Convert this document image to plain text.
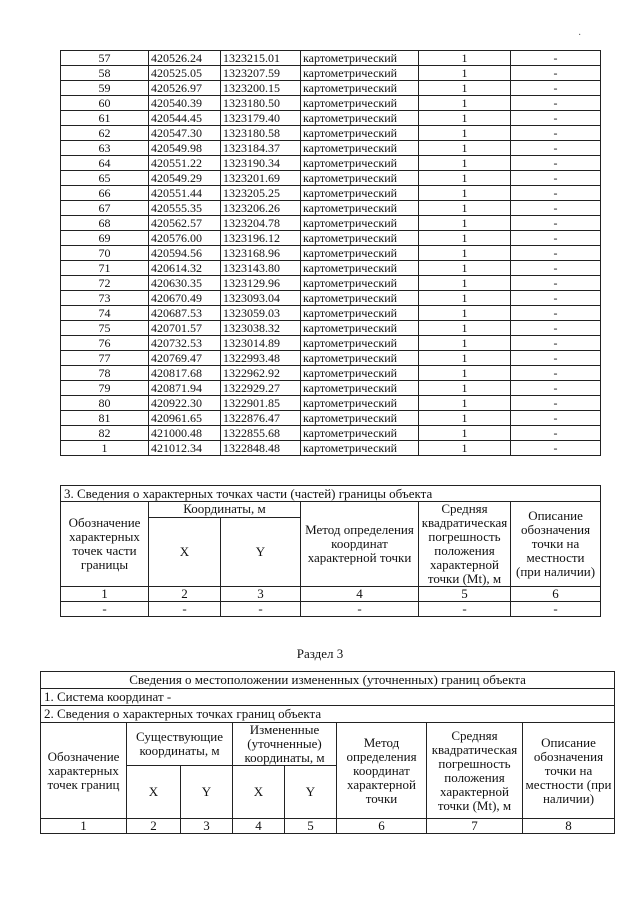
·
57	420526.24	1323215.01	картометрический	1	-
58	420525.05	1323207.59	картометрический	1	-
59	420526.97	1323200.15	картометрический	1	-
60	420540.39	1323180.50	картометрический	1	-
61	420544.45	1323179.40	картометрический	1	-
62	420547.30	1323180.58	картометрический	1	-
63	420549.98	1323184.37	картометрический	1	-
64	420551.22	1323190.34	картометрический	1	-
65	420549.29	1323201.69	картометрический	1	-
66	420551.44	1323205.25	картометрический	1	-
67	420555.35	1323206.26	картометрический	1	-
68	420562.57	1323204.78	картометрический	1	-
69	420576.00	1323196.12	картометрический	1	-
70	420594.56	1323168.96	картометрический	1	-
71	420614.32	1323143.80	картометрический	1	-
72	420630.35	1323129.96	картометрический	1	-
73	420670.49	1323093.04	картометрический	1	-
74	420687.53	1323059.03	картометрический	1	-
75	420701.57	1323038.32	картометрический	1	-
76	420732.53	1323014.89	картометрический	1	-
77	420769.47	1322993.48	картометрический	1	-
78	420817.68	1322962.92	картометрический	1	-
79	420871.94	1322929.27	картометрический	1	-
80	420922.30	1322901.85	картометрический	1	-
81	420961.65	1322876.47	картометрический	1	-
82	421000.48	1322855.68	картометрический	1	-
1	421012.34	1322848.48	картометрический	1	-
3. Сведения о характерных точках части (частей) границы объекта					
Обозначение характерных точек части границы	Координаты, м		Метод определения координат характерной точки	Средняя квадратическая погрешность положения характерной точки (Mt), м	Описание обозначения точки на местности (при наличии)
	X	Y			
1	2	3	4	5	6
-	-	-	-	-	-
Раздел 3
Сведения о местоположении измененных (уточненных) границ объекта							
1. Система координат -							
2. Сведения о характерных точках границ объекта							
Обозначение характерных точек границ	Существующие координаты, м		Измененные (уточненные) координаты, м		Метод определения координат характерной точки	Средняя квадратическая погрешность положения характерной точки (Mt), м	Описание обозначения точки на местности (при наличии)
	X	Y	X	Y			
1	2	3	4	5	6	7	8
